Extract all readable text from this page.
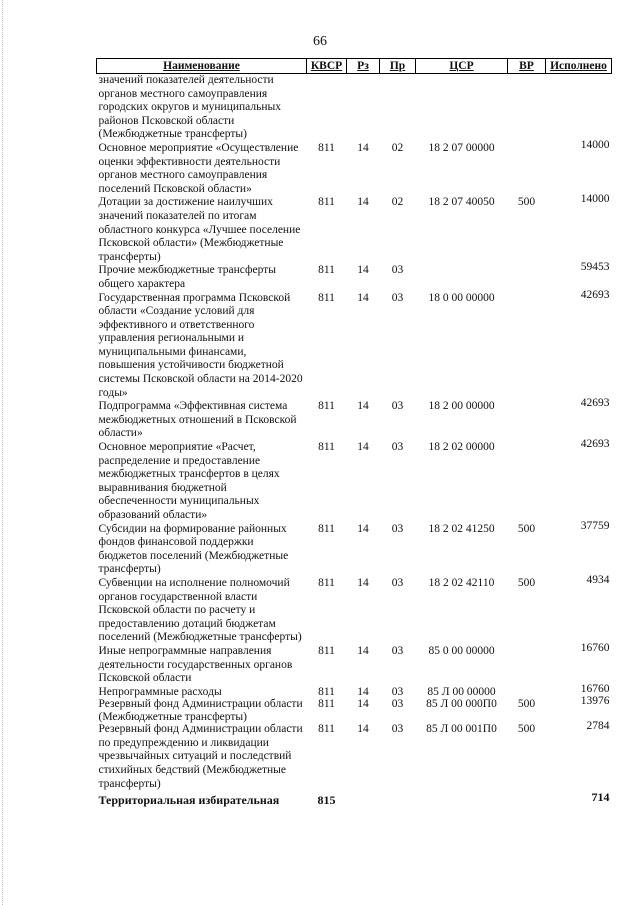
66
Наименование	КВСР	Рз	Пр	ЦСР	ВР	Исполнено
значений показателей деятельности органов местного самоуправления городских округов и муниципальных районов Псковской области (Межбюджетные трансферты)						
Основное мероприятие «Осуществление оценки эффективности деятельности органов местного самоуправления поселений Псковской области»	811	14	02	18 2 07 00000		14000
Дотации за достижение наилучших значений показателей по итогам областного конкурса «Лучшее поселение Псковской области» (Межбюджетные трансферты)	811	14	02	18 2 07 40050	500	14000
Прочие межбюджетные трансферты общего характера	811	14	03			59453
Государственная программа Псковской области «Создание условий для эффективного и ответственного управления региональными и муниципальными финансами, повышения устойчивости бюджетной системы Псковской области на 2014-2020 годы»	811	14	03	18 0 00 00000		42693
Подпрограмма «Эффективная система межбюджетных отношений в Псковской области»	811	14	03	18 2 00 00000		42693
Основное мероприятие «Расчет, распределение и предоставление межбюджетных трансфертов в целях выравнивания бюджетной обеспеченности муниципальных образований области»	811	14	03	18 2 02 00000		42693
Субсидии на формирование районных фондов финансовой поддержки бюджетов поселений (Межбюджетные трансферты)	811	14	03	18 2 02 41250	500	37759
Субвенции на исполнение полномочий органов государственной власти Псковской области по расчету и предоставлению дотаций бюджетам поселений (Межбюджетные трансферты)	811	14	03	18 2 02 42110	500	4934
Иные непрограммные направления деятельности государственных органов Псковской области	811	14	03	85 0 00 00000		16760
Непрограммные расходы	811	14	03	85 Л 00 00000		16760
Резервный фонд Администрации области (Межбюджетные трансферты)	811	14	03	85 Л 00 000П0	500	13976
Резервный фонд Администрации области по предупреждению и ликвидации чрезвычайных ситуаций и последствий стихийных бедствий (Межбюджетные трансферты)	811	14	03	85 Л 00 001П0	500	2784
Территориальная избирательная	815					714
